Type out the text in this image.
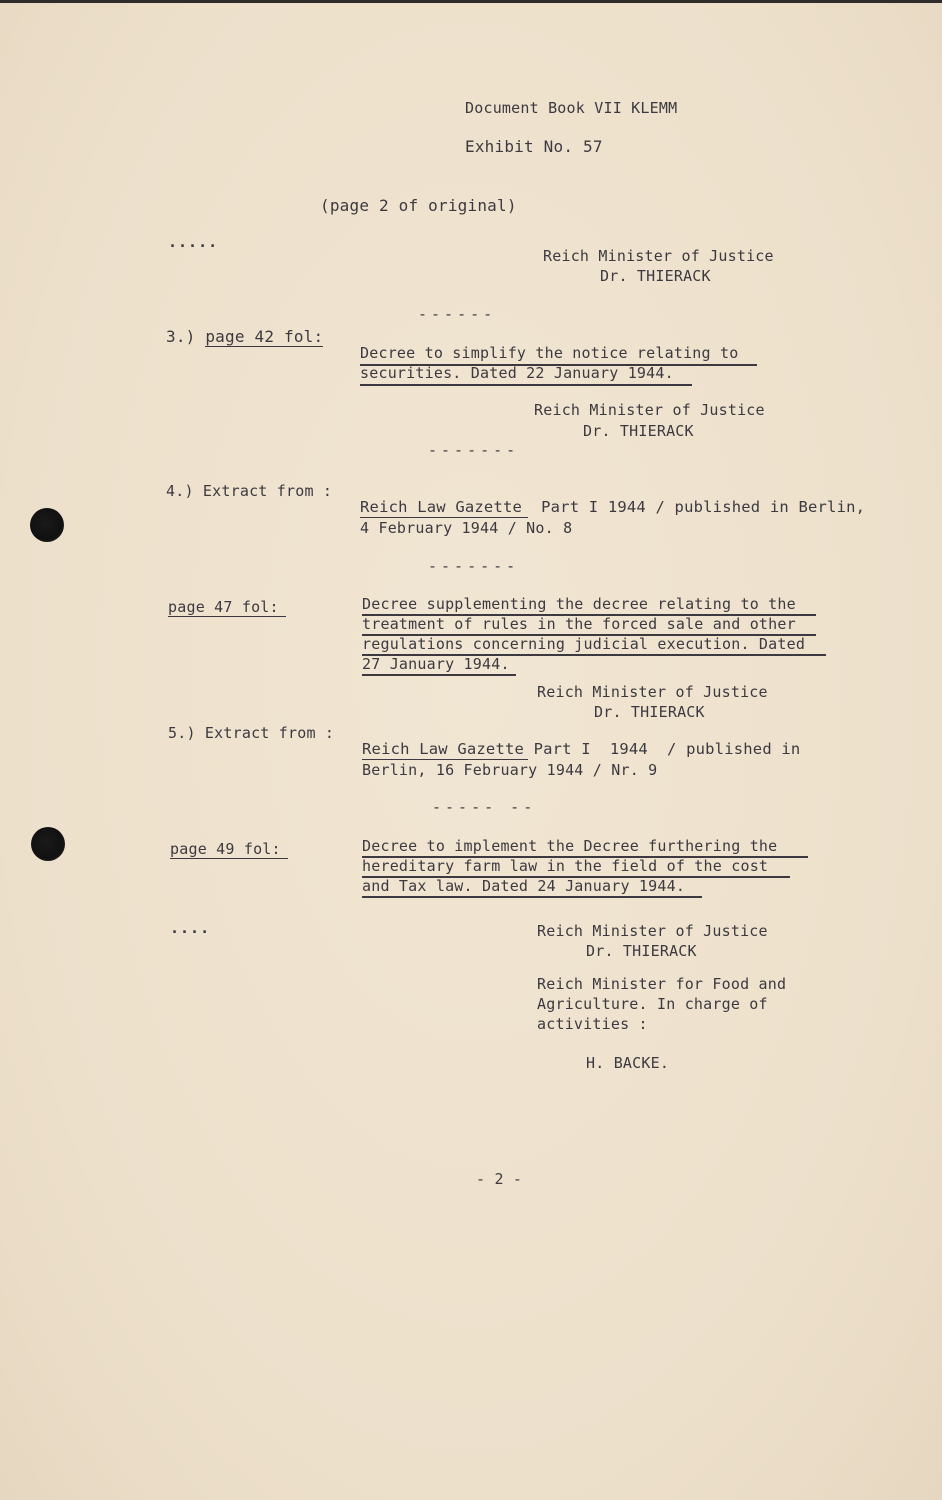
Document Book VII KLEMM
Exhibit No. 57
(page 2 of original)
.....
Reich Minister of Justice
Dr. THIERACK
------
3.) page 42 fol:
Decree to simplify the notice relating to
securities. Dated 22 January 1944.
Reich Minister of Justice
Dr. THIERACK
-------
4.) Extract from :
Reich Law Gazette  Part I 1944 / published in Berlin,
4 February 1944 / No. 8
-------
page 47 fol:	Decree supplementing the decree relating to the
treatment of rules in the forced sale and other
regulations concerning judicial execution. Dated
27 January 1944.
Reich Minister of Justice
Dr. THIERACK
5.) Extract from :
Reich Law Gazette Part I  1944  / published in
Berlin, 16 February 1944 / Nr. 9
----- --
page 49 fol:	Decree to implement the Decree furthering the
hereditary farm law in the field of the cost
and Tax law. Dated 24 January 1944.
....	Reich Minister of Justice
Dr. THIERACK
Reich Minister for Food and
Agriculture. In charge of
activities :
H. BACKE.
- 2 -
